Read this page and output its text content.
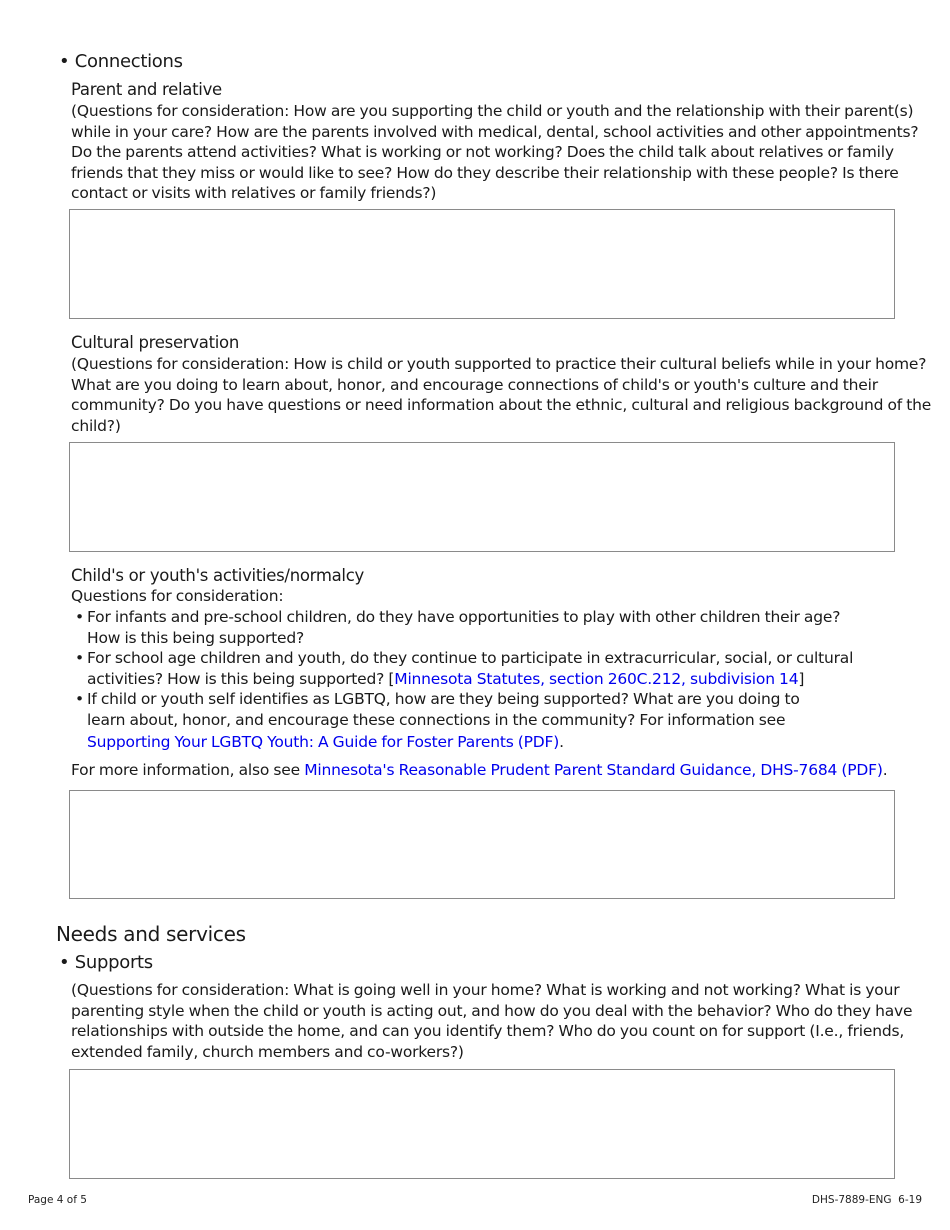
• Connections
Parent and relative
(Questions for consideration: How are you supporting the child or youth and the relationship with their parent(s)
while in your care? How are the parents involved with medical, dental, school activities and other appointments?
Do the parents attend activities? What is working or not working? Does the child talk about relatives or family
friends that they miss or would like to see? How do they describe their relationship with these people? Is there
contact or visits with relatives or family friends?)
Cultural preservation
(Questions for consideration: How is child or youth supported to practice their cultural beliefs while in your home?
What are you doing to learn about, honor, and encourage connections of child's or youth's culture and their
community? Do you have questions or need information about the ethnic, cultural and religious background of the
child?)
Child's or youth's activities/normalcy
Questions for consideration:
• For infants and pre-school children, do they have opportunities to play with other children their age?
How is this being supported?
• For school age children and youth, do they continue to participate in extracurricular, social, or cultural
activities? How is this being supported? [Minnesota Statutes, section 260C.212, subdivision 14]
• If child or youth self identifies as LGBTQ, how are they being supported? What are you doing to
learn about, honor, and encourage these connections in the community? For information see
Supporting Your LGBTQ Youth: A Guide for Foster Parents (PDF).
For more information, also see Minnesota's Reasonable Prudent Parent Standard Guidance, DHS-7684 (PDF).
Needs and services
• Supports
(Questions for consideration: What is going well in your home? What is working and not working? What is your
parenting style when the child or youth is acting out, and how do you deal with the behavior? Who do they have
relationships with outside the home, and can you identify them? Who do you count on for support (I.e., friends,
extended family, church members and co-workers?)
Page 4 of 5	DHS-7889-ENG  6-19
